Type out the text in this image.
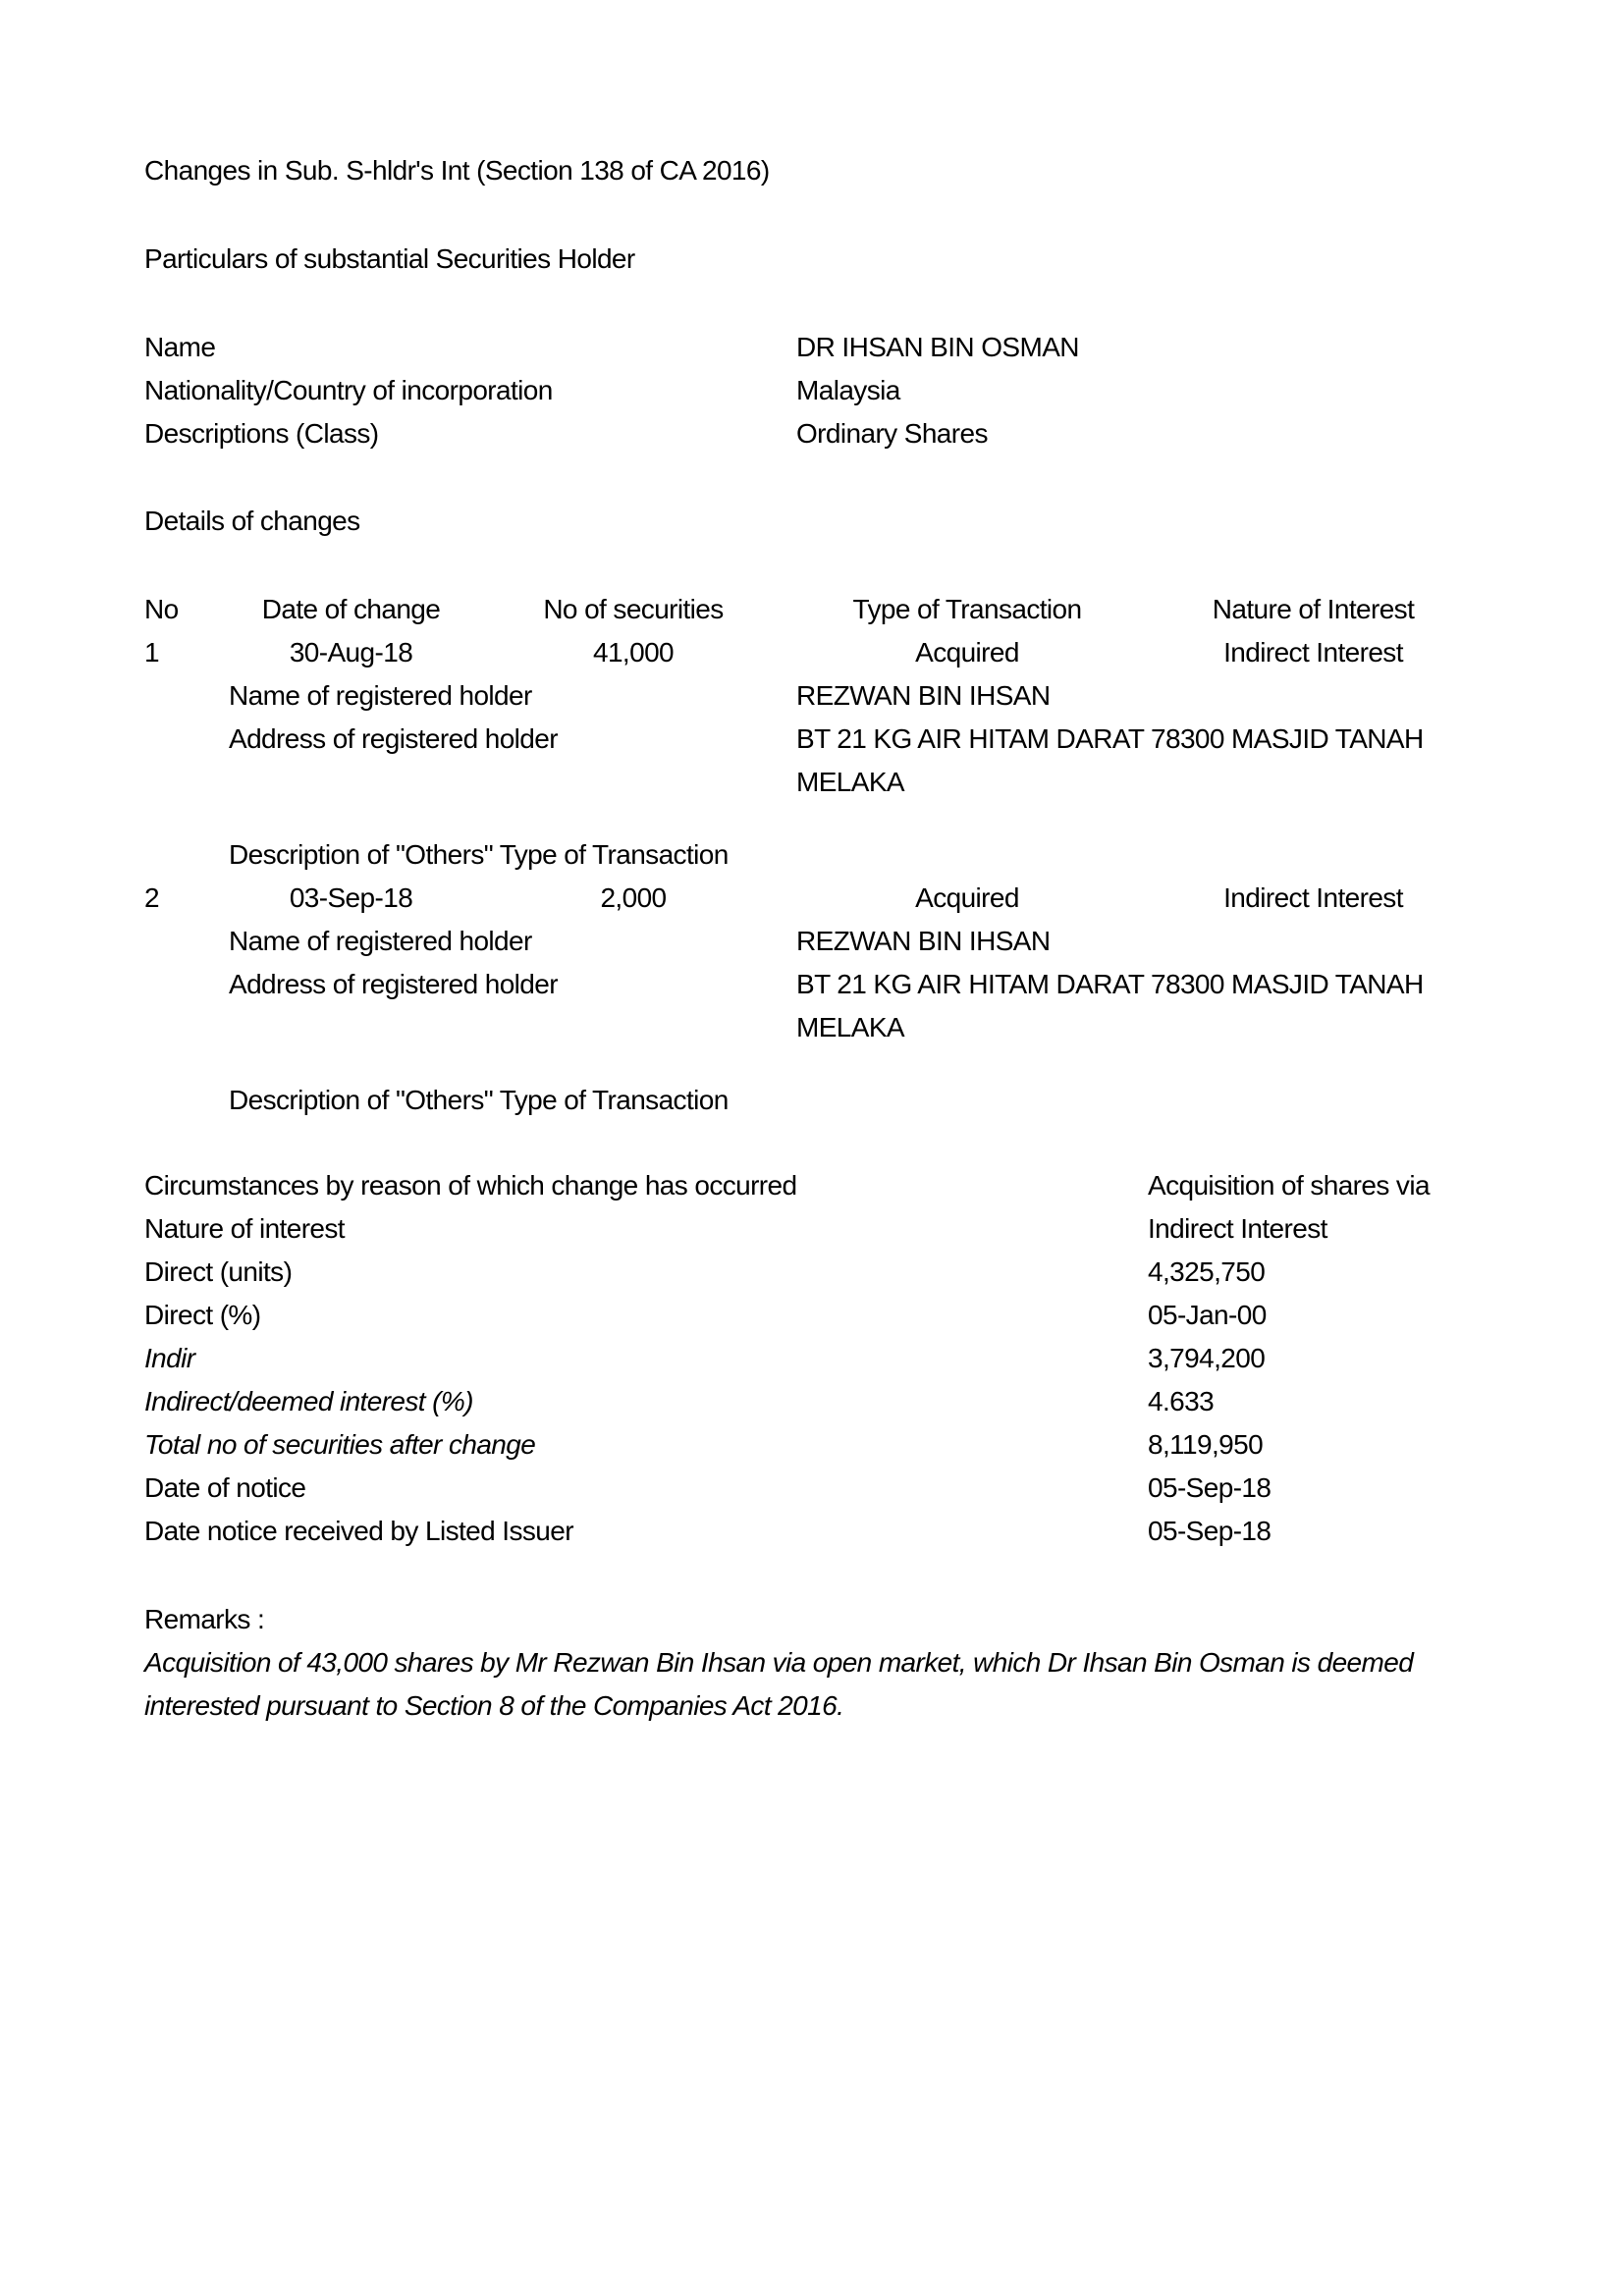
Changes in Sub. S-hldr's Int (Section 138 of CA 2016)
Particulars of substantial Securities Holder
Name	DR IHSAN BIN OSMAN
Nationality/Country of incorporation	Malaysia
Descriptions (Class)	Ordinary Shares
Details of changes
No	Date of change	No of securities	Type of Transaction	Nature of Interest
1	30-Aug-18	41,000	Acquired	Indirect Interest
Name of registered holder	REZWAN BIN IHSAN
Address of registered holder	BT 21 KG AIR HITAM DARAT 78300 MASJID TANAH MELAKA
Description of "Others" Type of Transaction
2	03-Sep-18	2,000	Acquired	Indirect Interest
Name of registered holder	REZWAN BIN IHSAN
Address of registered holder	BT 21 KG AIR HITAM DARAT 78300 MASJID TANAH MELAKA
Description of "Others" Type of Transaction
Circumstances by reason of which change has occurred	Acquisition of shares via
Nature of interest	Indirect Interest
Direct (units)	4,325,750
Direct (%)	05-Jan-00
Indir	3,794,200
Indirect/deemed interest (%)	4.633
Total no of securities after change	8,119,950
Date of notice	05-Sep-18
Date notice received by Listed Issuer	05-Sep-18
Remarks :
Acquisition of 43,000 shares by Mr Rezwan Bin Ihsan via open market, which Dr Ihsan Bin Osman is deemed interested pursuant to Section 8 of the Companies Act 2016.
